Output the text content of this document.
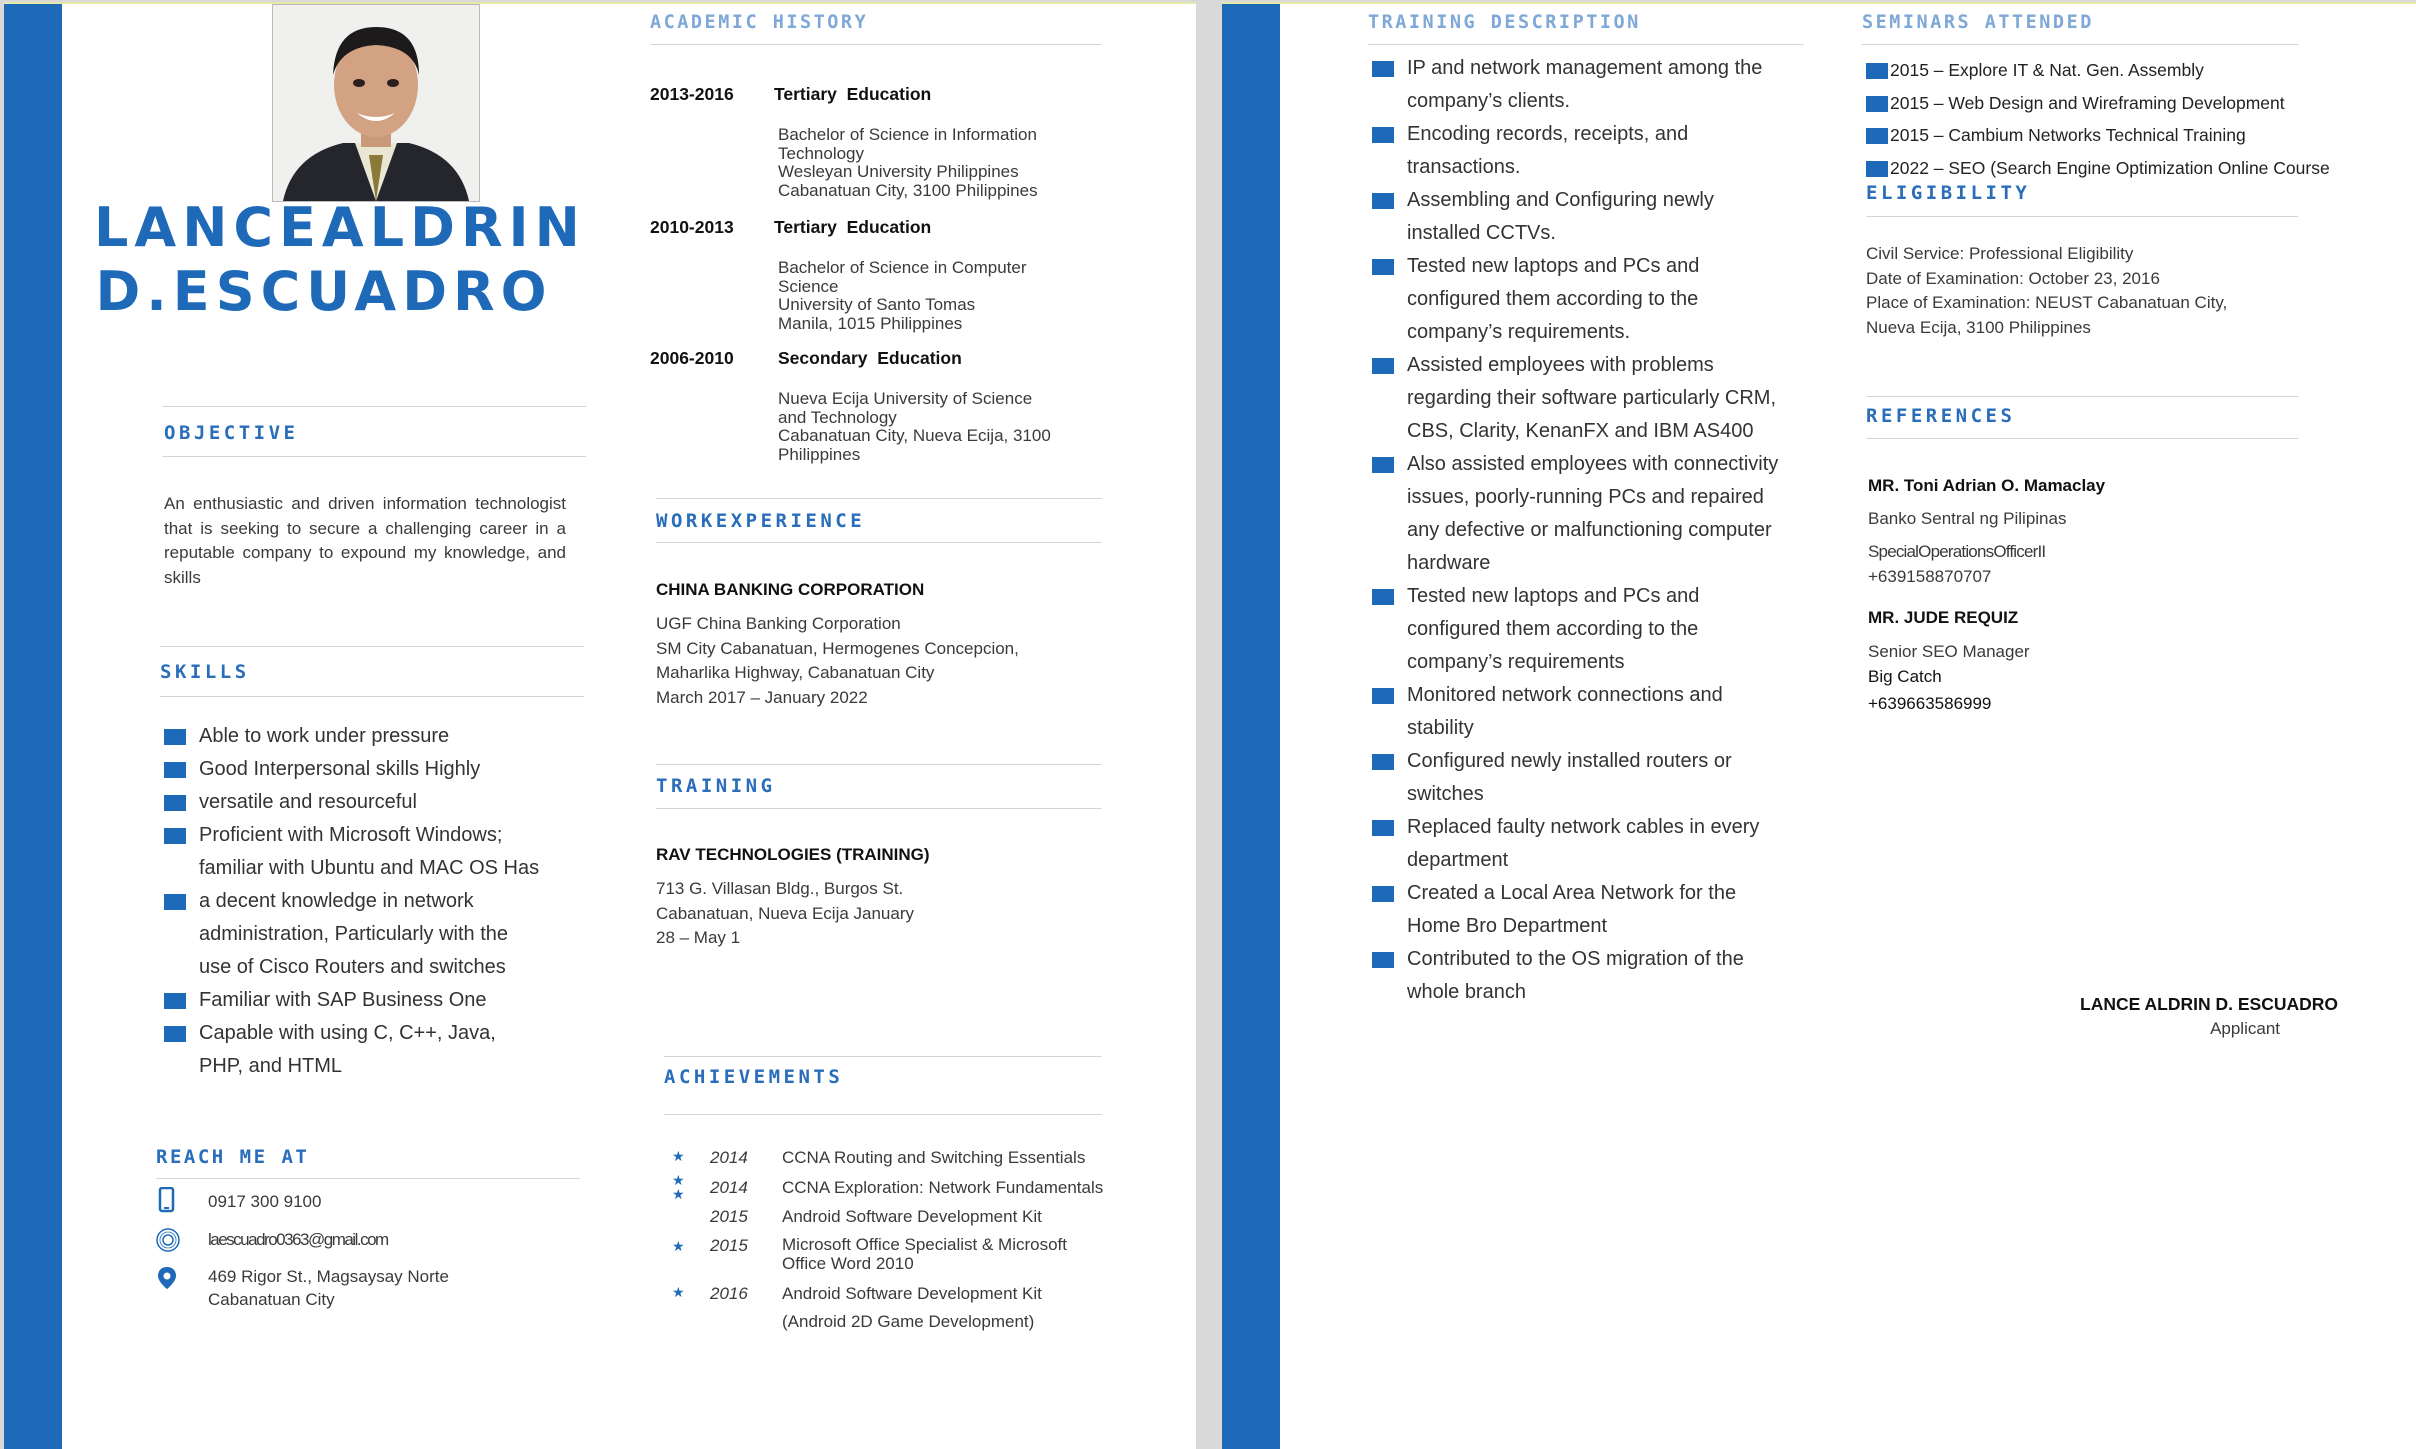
LANCEALDRIN
D.ESCUADRO
OBJECTIVE
An enthusiastic and driven information technologist that is seeking to secure a challenging career in a reputable company to expound my knowledge, and skills
SKILLS
Able to work under pressure
Good Interpersonal skills Highly
versatile and resourceful
Proficient with Microsoft Windows; familiar with Ubuntu and MAC OS Has
a decent knowledge in network administration, Particularly with the use of Cisco Routers and switches
Familiar with SAP Business One
Capable with using C, C++, Java, PHP, and HTML
REACH ME AT
0917 300 9100
laescuadro0363@gmail.com
469 Rigor St., Magsaysay Norte
Cabanatuan City
ACADEMIC HISTORY
2013-2016 Tertiary  Education
Bachelor of Science in Information
Technology
Wesleyan University Philippines
Cabanatuan City, 3100 Philippines
2010-2013 Tertiary  Education
Bachelor of Science in Computer
Science
University of Santo Tomas
Manila, 1015 Philippines
2006-2010	Secondary  Education
Nueva Ecija University of Science
and Technology
Cabanatuan City, Nueva Ecija, 3100
Philippines
WORKEXPERIENCE
CHINA BANKING CORPORATION
UGF China Banking Corporation
SM City Cabanatuan, Hermogenes Concepcion,
Maharlika Highway, Cabanatuan City
March 2017 – January 2022
TRAINING
RAV TECHNOLOGIES (TRAINING)
713 G. Villasan Bldg., Burgos St.
Cabanatuan, Nueva Ecija January
28 – May 1
ACHIEVEMENTS
★ 2014 CCNA Routing and Switching Essentials
★
★ 2014 CCNA Exploration: Network Fundamentals
2015 Android Software Development Kit
★ 2015 Microsoft Office Specialist & Microsoft
Office Word 2010
★ 2016 Android Software Development Kit
(Android 2D Game Development)
TRAINING DESCRIPTION
IP and network management among the company’s clients.
Encoding records, receipts, and transactions.
Assembling and Configuring newly installed CCTVs.
Tested new laptops and PCs and configured them according to the company’s requirements.
Assisted employees with problems regarding their software particularly CRM, CBS, Clarity, KenanFX and IBM AS400
Also assisted employees with connectivity issues, poorly-running PCs and repaired any defective or malfunctioning computer hardware
Tested new laptops and PCs and configured them according to the company’s requirements
Monitored network connections and stability
Configured newly installed routers or switches
Replaced faulty network cables in every department
Created a Local Area Network for the Home Bro Department
Contributed to the OS migration of the whole branch
SEMINARS ATTENDED
2015 – Explore IT & Nat. Gen. Assembly
2015 – Web Design and Wireframing Development
2015 – Cambium Networks Technical Training
2022 – SEO (Search Engine Optimization Online Course
ELIGIBILITY
Civil Service: Professional Eligibility
Date of Examination: October 23, 2016
Place of Examination: NEUST Cabanatuan City,
Nueva Ecija, 3100 Philippines
REFERENCES
MR. Toni Adrian O. Mamaclay
Banko Sentral ng Pilipinas
SpecialOperationsOfficerII
+639158870707
MR. JUDE REQUIZ
Senior SEO Manager
Big Catch
+639663586999
LANCE ALDRIN D. ESCUADRO
Applicant
